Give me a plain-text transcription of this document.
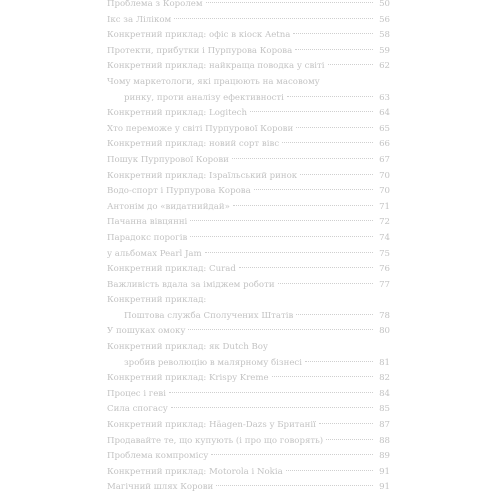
Проблема з Королем	50
Ікс за Ліліком	56
Конкретний приклад: офіс в кіоск Aetna	58
Протекти, прибутки і Пурпурова Корова	59
Конкретний приклад: найкраща поводка у світі	62
Чому маркетологи, які працюють на масовому
ринку, проти аналізу ефективності	63
Конкретний приклад: Logitech	64
Хто переможе у світі Пурпурової Корови	65
Конкретний приклад: новий сорт вівс	66
Пошук Пурпурової Корови	67
Конкретний приклад: Ізраїльський ринок	70
Водо-спорт і Пурпурова Корова	70
Антонім до «видатнийдай»	71
Пачанна вівцянні	72
Парадокс порогів	74
у альбомах Pearl Jam	75
Конкретний приклад: Curad	76
Важливість вдала за іміджем роботи	77
Конкретний приклад:
Поштова служба Сполучених Штатів	78
У пошуках омоку	80
Конкретний приклад: як Dutch Boy
зробив революцію в малярному бізнесі	81
Конкретний приклад: Krispy Kreme	82
Процес і геві	84
Сила спогасу	85
Конкретний приклад: Häagen-Dazs у Британії	87
Продавайте те, що купують (і про що говорять)	88
Проблема компромісу	89
Конкретний приклад: Motorola і Nokia	91
Магічний шлях Корови	91
